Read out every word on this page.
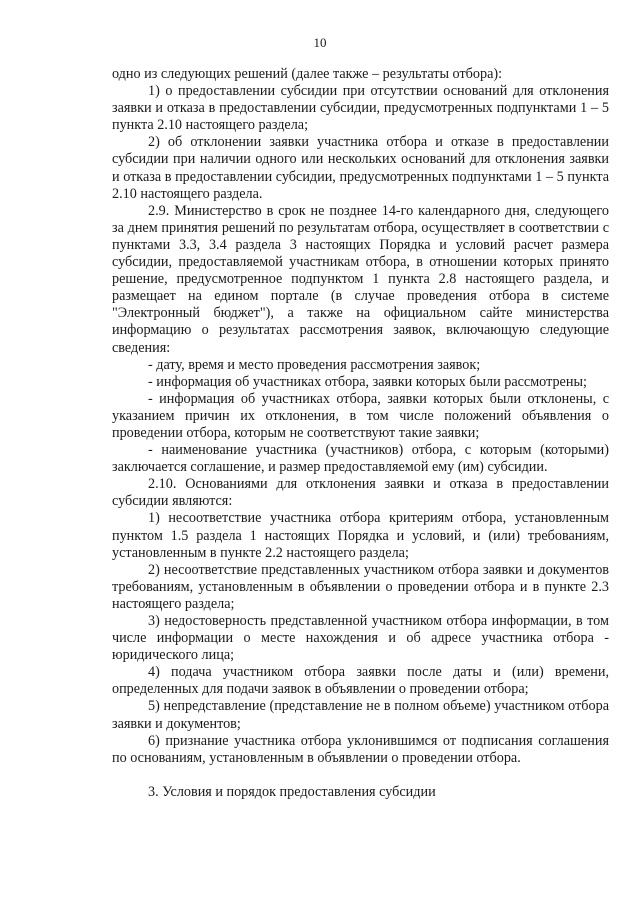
10

одно из следующих решений (далее также – результаты отбора):

1) о предоставлении субсидии при отсутствии оснований для отклонения заявки и отказа в предоставлении субсидии, предусмотренных подпунктами 1 – 5 пункта 2.10 настоящего раздела;

2) об отклонении заявки участника отбора и отказе в предоставлении субсидии при наличии одного или нескольких оснований для отклонения заявки и отказа в предоставлении субсидии, предусмотренных подпунктами 1 – 5 пункта 2.10 настоящего раздела.

2.9. Министерство в срок не позднее 14-го календарного дня, следующего за днем принятия решений по результатам отбора, осуществляет в соответствии с пунктами 3.3, 3.4 раздела 3 настоящих Порядка и условий расчет размера субсидии, предоставляемой участникам отбора, в отношении которых принято решение, предусмотренное подпунктом 1 пункта 2.8 настоящего раздела, и размещает на едином портале (в случае проведения отбора в системе "Электронный бюджет"), а также на официальном сайте министерства информацию о результатах рассмотрения заявок, включающую следующие сведения:

- дату, время и место проведения рассмотрения заявок;

- информация об участниках отбора, заявки которых были рассмотрены;

- информация об участниках отбора, заявки которых были отклонены, с указанием причин их отклонения, в том числе положений объявления о проведении отбора, которым не соответствуют такие заявки;

- наименование участника (участников) отбора, с которым (которыми) заключается соглашение, и размер предоставляемой ему (им) субсидии.

2.10. Основаниями для отклонения заявки и отказа в предоставлении субсидии являются:

1) несоответствие участника отбора критериям отбора, установленным пунктом 1.5 раздела 1 настоящих Порядка и условий, и (или) требованиям, установленным в пункте 2.2 настоящего раздела;

2) несоответствие представленных участником отбора заявки и документов требованиям, установленным в объявлении о проведении отбора и в пункте 2.3 настоящего раздела;

3) недостоверность представленной участником отбора информации, в том числе информации о месте нахождения и об адресе участника отбора - юридического лица;

4) подача участником отбора заявки после даты и (или) времени, определенных для подачи заявок в объявлении о проведении отбора;

5) непредставление (представление не в полном объеме) участником отбора заявки и документов;

6) признание участника отбора уклонившимся от подписания соглашения по основаниям, установленным в объявлении о проведении отбора.

3. Условия и порядок предоставления субсидии
